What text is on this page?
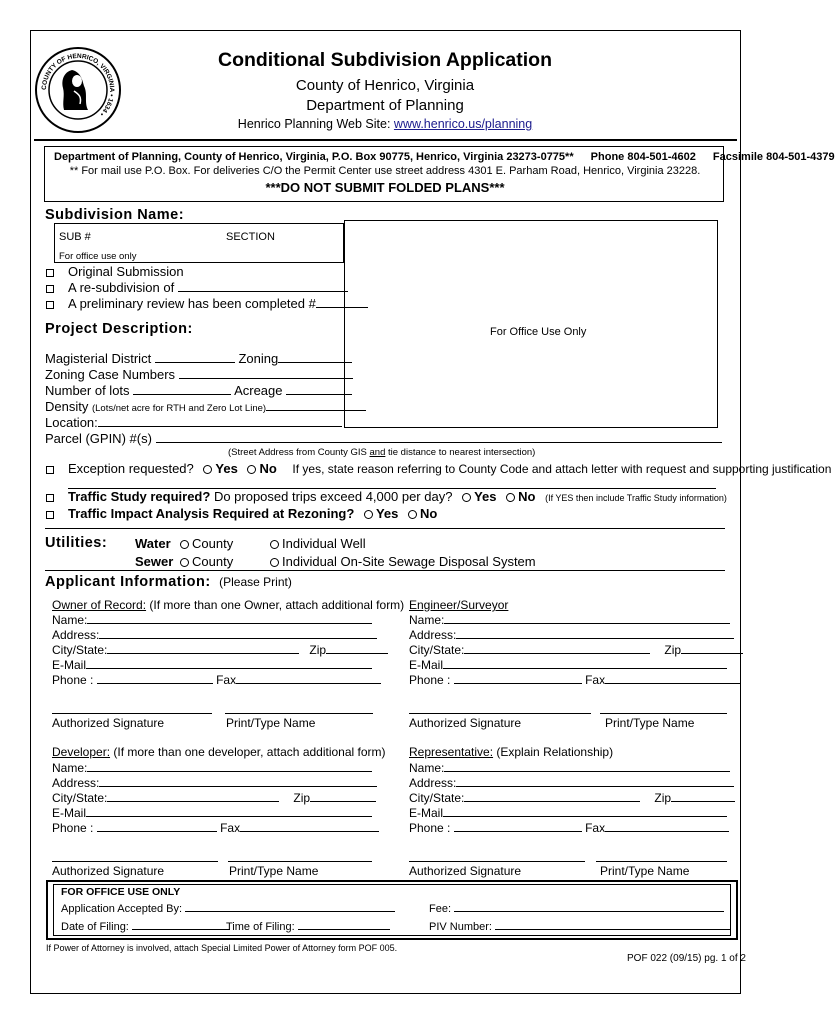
COUNTY OF HENRICO, VIRGINIA • 1634 •
Conditional Subdivision Application
County of Henrico, Virginia
Department of Planning
Henrico Planning Web Site: www.henrico.us/planning
Department of Planning, County of Henrico, Virginia, P.O. Box 90775, Henrico, Virginia 23273-0775** Phone 804-501-4602 Facsimile 804-501-4379
** For mail use P.O. Box. For deliveries C/O the Permit Center use street address 4301 E. Parham Road, Henrico, Virginia 23228.
***DO NOT SUBMIT FOLDED PLANS***
Subdivision Name:
SUB #	SECTION
For office use only
For Office Use Only
Original Submission
A re-subdivision of
A preliminary review has been completed #
Project Description:
Magisterial District	Zoning
Zoning Case Numbers
Number of lots	Acreage
Density (Lots/net acre for RTH and Zero Lot Line)
Location:
Parcel (GPIN) #(s)
(Street Address from County GIS and tie distance to nearest intersection)
Exception requested? Yes No If yes, state reason referring to County Code and attach letter with request and supporting justification
Traffic Study required? Do proposed trips exceed 4,000 per day? Yes No (If YES then include Traffic Study information)
Traffic Impact Analysis Required at Rezoning? Yes No
Utilities: Water	County	Individual Well
Sewer	County	Individual On-Site Sewage Disposal System
Applicant Information: (Please Print)
Owner of Record: (If more than one Owner, attach additional form)
Name:
Address:
City/State:	Zip
E-Mail
Phone :	Fax
Authorized Signature	Print/Type Name
Engineer/Surveyor
Name:
Address:
City/State:	Zip
E-Mail
Phone :	Fax
Authorized Signature	Print/Type Name
Developer: (If more than one developer, attach additional form)
Name:
Address:
City/State:	Zip
E-Mail
Phone :	Fax
Authorized Signature	Print/Type Name
Representative: (Explain Relationship)
Name:
Address:
City/State:	Zip
E-Mail
Phone :	Fax
Authorized Signature	Print/Type Name
FOR OFFICE USE ONLY
Application Accepted By:	Fee:
Date of Filing:	Time of Filing:	PIV Number:
If Power of Attorney is involved, attach Special Limited Power of Attorney form POF 005.
POF 022 (09/15) pg. 1 of 2
